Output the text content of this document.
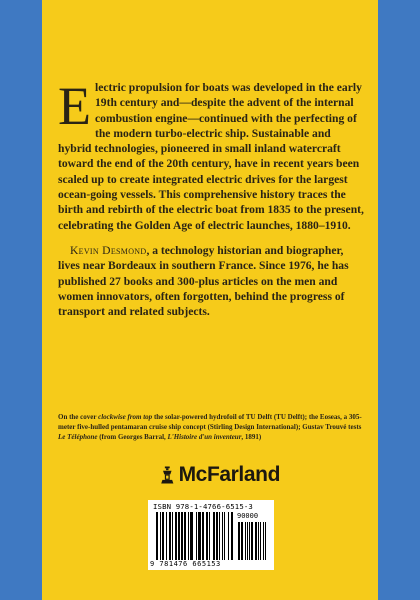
Electric propulsion for boats was developed in the early 19th century and—despite the advent of the internal combustion engine—continued with the perfecting of the modern turbo-electric ship. Sustainable and hybrid technologies, pioneered in small inland watercraft toward the end of the 20th century, have in recent years been scaled up to create integrated electric drives for the largest ocean-going vessels. This comprehensive history traces the birth and rebirth of the electric boat from 1835 to the present, celebrating the Golden Age of electric launches, 1880–1910.

Kevin Desmond, a technology historian and biographer, lives near Bordeaux in southern France. Since 1976, he has published 27 books and 300-plus articles on the men and women innovators, often forgotten, behind the progress of transport and related subjects.

On the cover clockwise from top the solar-powered hydrofoil of TU Delft (TU Delft); the Eoseas, a 305-meter five-hulled pentamaran cruise ship concept (Stirling Design International); Gustav Trouvé tests Le Téléphone (from Georges Barral, L'Histoire d'un inventeur, 1891)
McFarland
ISBN 978-1-4766-6515-3
90000
9 781476 665153
